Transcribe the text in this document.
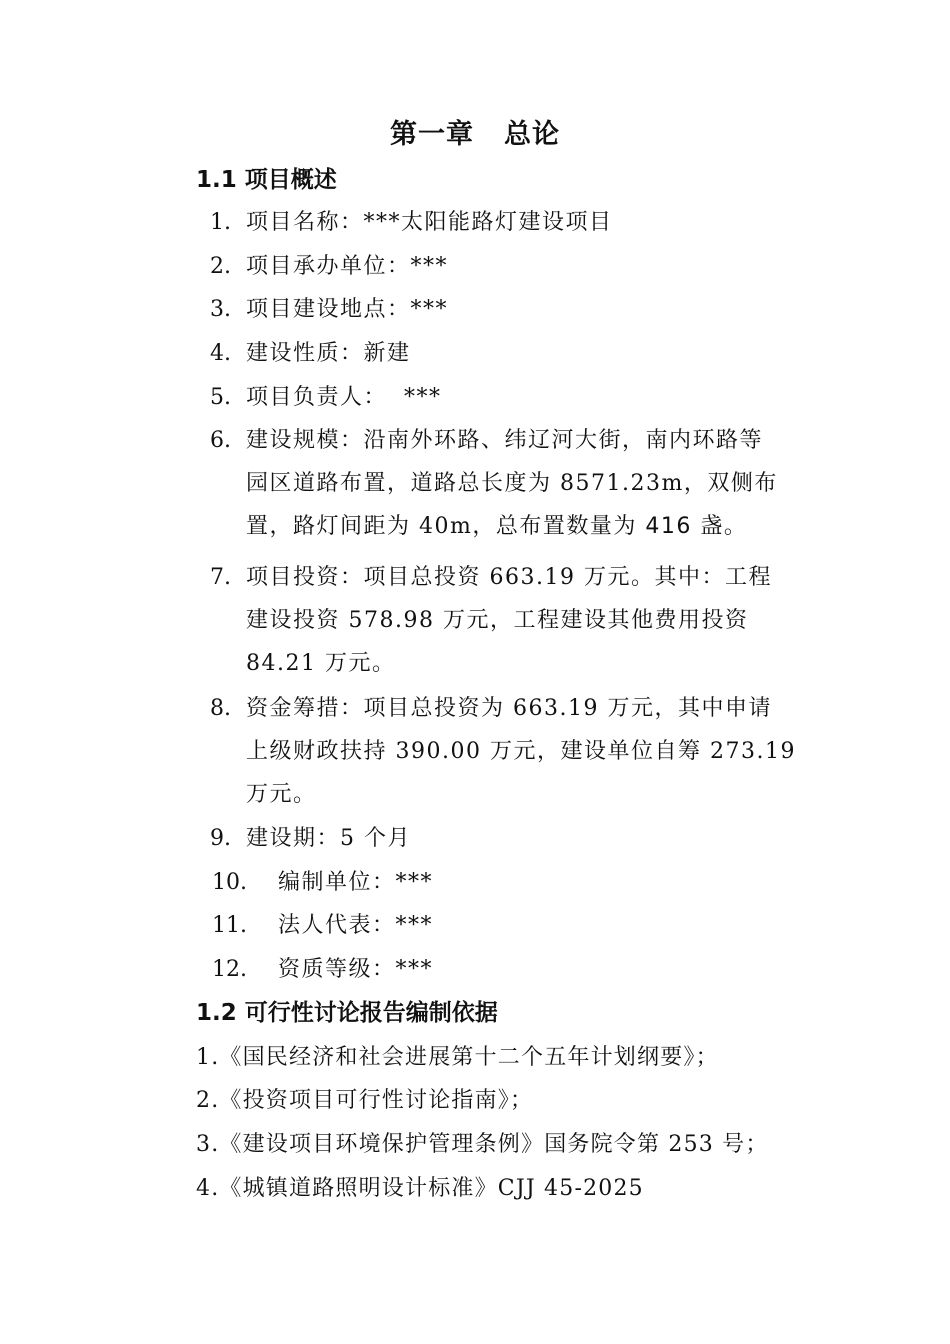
第一章 总论
1.1 项目概述
1. 项目名称：***太阳能路灯建设项目
2. 项目承办单位：***
3. 项目建设地点：***
4. 建设性质：新建
5. 项目负责人：  ***
6. 建设规模：沿南外环路、纬辽河大街，南内环路等
园区道路布置，道路总长度为 8571.23m，双侧布
置，路灯间距为 40m，总布置数量为 416 盏。
7. 项目投资：项目总投资 663.19 万元。其中：工程
建设投资 578.98 万元，工程建设其他费用投资
84.21 万元。
8. 资金筹措：项目总投资为 663.19 万元，其中申请
上级财政扶持 390.00 万元，建设单位自筹 273.19
万元。
9. 建设期：5 个月
10. 编制单位：***
11. 法人代表：***
12. 资质等级：***
1.2 可行性讨论报告编制依据
1.《国民经济和社会进展第十二个五年计划纲要》；
2.《投资项目可行性讨论指南》；
3.《建设项目环境保护管理条例》国务院令第 253 号；
4.《城镇道路照明设计标准》CJJ 45-2025
